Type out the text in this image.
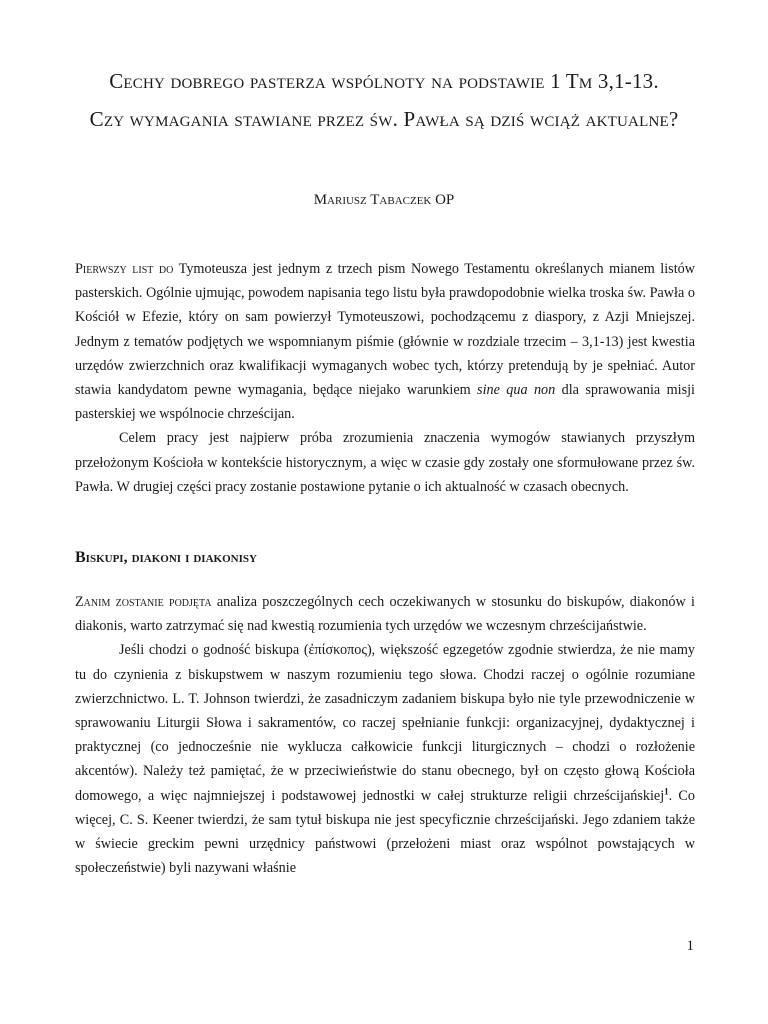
Cechy dobrego pasterza wspólnoty na podstawie 1 Tm 3,1-13.
Czy wymagania stawiane przez św. Pawła są dziś wciąż aktualne?

Mariusz Tabaczek OP

Pierwszy list do Tymoteusza jest jednym z trzech pism Nowego Testamentu określanych mianem listów pasterskich. Ogólnie ujmując, powodem napisania tego listu była prawdopodobnie wielka troska św. Pawła o Kościół w Efezie, który on sam powierzył Tymoteuszowi, pochodzącemu z diaspory, z Azji Mniejszej. Jednym z tematów podjętych we wspomnianym piśmie (głównie w rozdziale trzecim – 3,1-13) jest kwestia urzędów zwierzchnich oraz kwalifikacji wymaganych wobec tych, którzy pretendują by je spełniać. Autor stawia kandydatom pewne wymagania, będące niejako warunkiem sine qua non dla sprawowania misji pasterskiej we wspólnocie chrześcijan.

Celem pracy jest najpierw próba zrozumienia znaczenia wymogów stawianych przyszłym przełożonym Kościoła w kontekście historycznym, a więc w czasie gdy zostały one sformułowane przez św. Pawła. W drugiej części pracy zostanie postawione pytanie o ich aktualność w czasach obecnych.

Biskupi, diakoni i diakonisy

Zanim zostanie podjęta analiza poszczególnych cech oczekiwanych w stosunku do biskupów, diakonów i diakonis, warto zatrzymać się nad kwestią rozumienia tych urzędów we wczesnym chrześcijaństwie.

Jeśli chodzi o godność biskupa (ἐπίσκοπος), większość egzegetów zgodnie stwierdza, że nie mamy tu do czynienia z biskupstwem w naszym rozumieniu tego słowa. Chodzi raczej o ogólnie rozumiane zwierzchnictwo. L. T. Johnson twierdzi, że zasadniczym zadaniem biskupa było nie tyle przewodniczenie w sprawowaniu Liturgii Słowa i sakramentów, co raczej spełnianie funkcji: organizacyjnej, dydaktycznej i praktycznej (co jednocześnie nie wyklucza całkowicie funkcji liturgicznych – chodzi o rozłożenie akcentów). Należy też pamiętać, że w przeciwieństwie do stanu obecnego, był on często głową Kościoła domowego, a więc najmniejszej i podstawowej jednostki w całej strukturze religii chrześcijańskiej$^1$. Co więcej, C. S. Keener twierdzi, że sam tytuł biskupa nie jest specyficznie chrześcijański. Jego zdaniem także w świecie greckim pewni urzędnicy państwowi (przełożeni miast oraz wspólnot powstających w społeczeństwie) byli nazywani właśnie

1
